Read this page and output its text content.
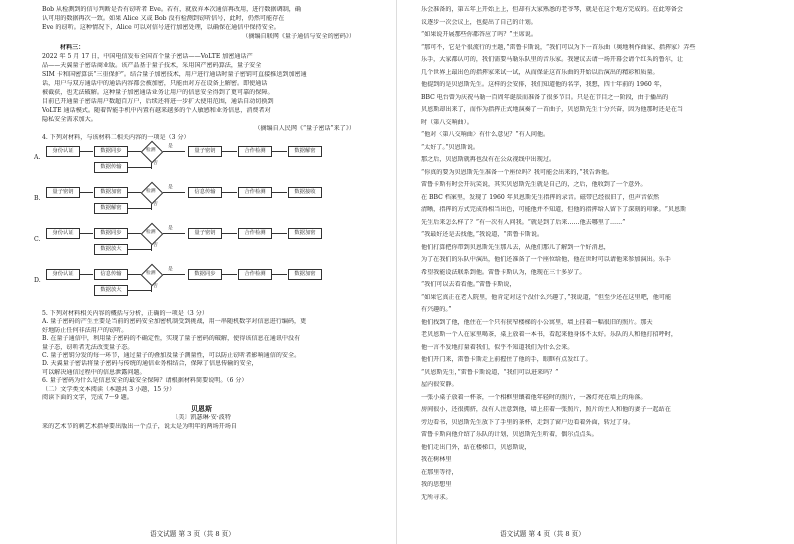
Bob 从检测到的信号判断是否有窃听者 Eve。若有，就放弃本次通信再改用，进行数据调制，确
认可用的数据再次一致。如果 Alice 又或 Bob 没有检测到窃听信号，此时，仍然可能存在
Eve 的窃听。这种情况下，Alice 可以对信号进行加密处理，以确保在通信中保持安全。
（摘编自联网《量子通信与安全的密码》）
材料三：
2022 年 5 月 17 日，中国电信发布全国首个量子密话——VoLTE 加密通话产
品——天翼量子密话商业版。该产品基于量子技术，采用国产密码算法，量子安全
SIM 卡和国密算法“三重保护”。结合量子加密技术，用户进行通话时量子密钥可直接推送到加密通
话，用户与双方通话中的通话内容都会被加密，只能由对方在设备上解密。即使通话
被截获，也无法破解。这种量子加密通话业务让用户的信息安全得到了更可靠的保障。
目前已开通量子密话用户数超百万户，后续还将进一步扩大使用范围，通话自动切换到
VoLTE 通话模式。随着智能手机中内置有越来越多的个人敏感和业务信息，消费者对
隐私安全需求加大。
（摘编自人民网《“量子密话”来了》）
4. 下列对材料，与该材料二相关内容的一项是（3 分）
A.
身份认证	数据同步	检测
是
量子密钥
否
合作检测	数据解密
数据传输
B.
量子密钥	数据加密	检测
是
信息传输
否
合作检测	数据接收
数据解密
C.
身份认证	数据同步	检测
是
量子密钥
否
合作检测	数据加密
数据放大
D.
身份认证	信息传输	检测
是
数据同步
否
合作检测	数据加密
数据放大
5. 下列对材料相关内容的概括与分析，正确的一项是（3 分）
A. 量子密码的产生主要是当前的密码安全加密机制受到挑战，用一串随机数字对信息进行编码，更
好地防止任何非法用户的窃听。
B. 在量子通信中，利用量子密码的不确定性，实现了量子密码的破解，使得该信息在通讯中没有
量子态，窃听者无法改变量子态。
C. 量子密钥分发的每一环节，通过量子的叠加及量子测量性，可以防止窃听者影响通信的安全。
D. 天翼量子密话将量子密码与传统的通信业务相结合，保障了信息传输的安全，
可以解决通信过程中的信息泄露问题。
6. 量子密码为什么是信息安全的最安全保障？请根据材料简要说明。（6 分）
（二）文学类文本阅读（本题共 3 小题，15 分）
阅读下面的文字，完成 7～9 题。
贝恩斯
〔美〕凯瑟琳·安·波特
来的艺术节的刺艺术指导要出版出一个点子，说太是为明年的两场开场自
语文试题 第 3 页（共 8 页）
乐会准备的，第五年上开始上上，但却有大家熟悉的老爷琴，就是在这个地方完成的。在此筹备会
议逐步一次会议上，也提出了自己的计划。
“如果说开展那些你都答应了吗？”主席说。
“那可不，它是个很流行的主题，”雷鲁卡斯说，“我们可以为下一首乐曲（奥地利作曲家、指挥家）弄些
乐手，大家都认可的，我们需要马勒乐队里的音乐家。我建议去请一场开幕会请个红头的鲁尔，让
几个世界上最出色的指挥家来试一试，从而保证这首乐曲的开始以后演出的精彩和质量。
他提到的是贝恩斯先生。这样的会安排，我们知道他的名字，我想，四十年前的 1960 年，
BBC 电台曾为庆祝马勒一百周年诞辰而准备了很多节目。只是在节目之一阶段，由于播出的
贝恩斯却出来了，而作为指挥正式地演奏了一首曲子，贝恩斯先生十分兴奋，因为他那时还是在当
时（第八交响曲）。
“他对〈第八交响曲〉有什么意见？”有人问他。
“太好了。”贝恩斯说。
那之后，贝恩斯就再也没有在公众视线中出现过。
“你真的要为贝恩斯先生准备一个座位吗？我可能会出来的，”我告诉他。
雷鲁卡斯有时会开玩笑说，其实贝恩斯先生就是自己的，之后，他收到了一个意外。
在 BBC 档案里，发现了 1960 年贝恩斯先生指挥的录音。磁带已经很旧了，但声音依然
清晰，指挥的方式完成得相当出色，可能他并不知道，但他的指挥给人留下了深刻的印象。“贝恩斯
先生后来怎么样了？”有一次有人问我。“就是到了后来……他去哪里了……”
“我最好还是去找他，”我说道，“雷鲁卡斯说。
他们打算把你带到贝恩斯先生那儿去，从他们那儿了解到一个好消息，
为了在我们的乐队中演出，他们还准备了一个座位给他，他在世时可以请他来参加演出。乐手
希望我能设法联系到他。雷鲁卡斯认为，他现在三十多岁了。
“我们可以去看看他。”雷鲁卡斯说，
“如果它真正在老人院里，他肯定对这个没什么兴趣了，”我说道，“但至少还在这里吧，他可能
有兴趣的。”
他们找到了他，他住在一个只有狭窄楼梯的小公寓里，墙上挂着一幅很旧的照片。那天
老贝恩斯一个人在家里喝茶，桌上放着一本书，看起来他身体不太好。乐队的人和他打招呼时，
他一言不发地打量着我们，似乎不知道我们为什么会来。
他们开门来，雷鲁卡斯走上前握住了他的手，眼眶有点发红了。
“贝恩斯先生，”雷鲁卡斯说道，“我们可以进来吗？”
屋内很安静。
一张小桌子放着一杯茶，一个相框里镶着他年轻时的照片，一盏灯亮在墙上的角落。
房间很小，还很拥挤，没有人注意到他，墙上挂着一张照片，照片的主人和他的妻子一起站在
旁边看书，贝恩斯先生放下了手里的茶杯，走到了窗户边看着外面，转过了身。
雷鲁卡斯向他介绍了乐队的计划，贝恩斯先生听着，偶尔点点头。
他们走出门外，站在楼梯口，贝恩斯说，
我在树林里
在那里等待，
我的思想里
无所寻求。
语文试题 第 4 页（共 8 页）
